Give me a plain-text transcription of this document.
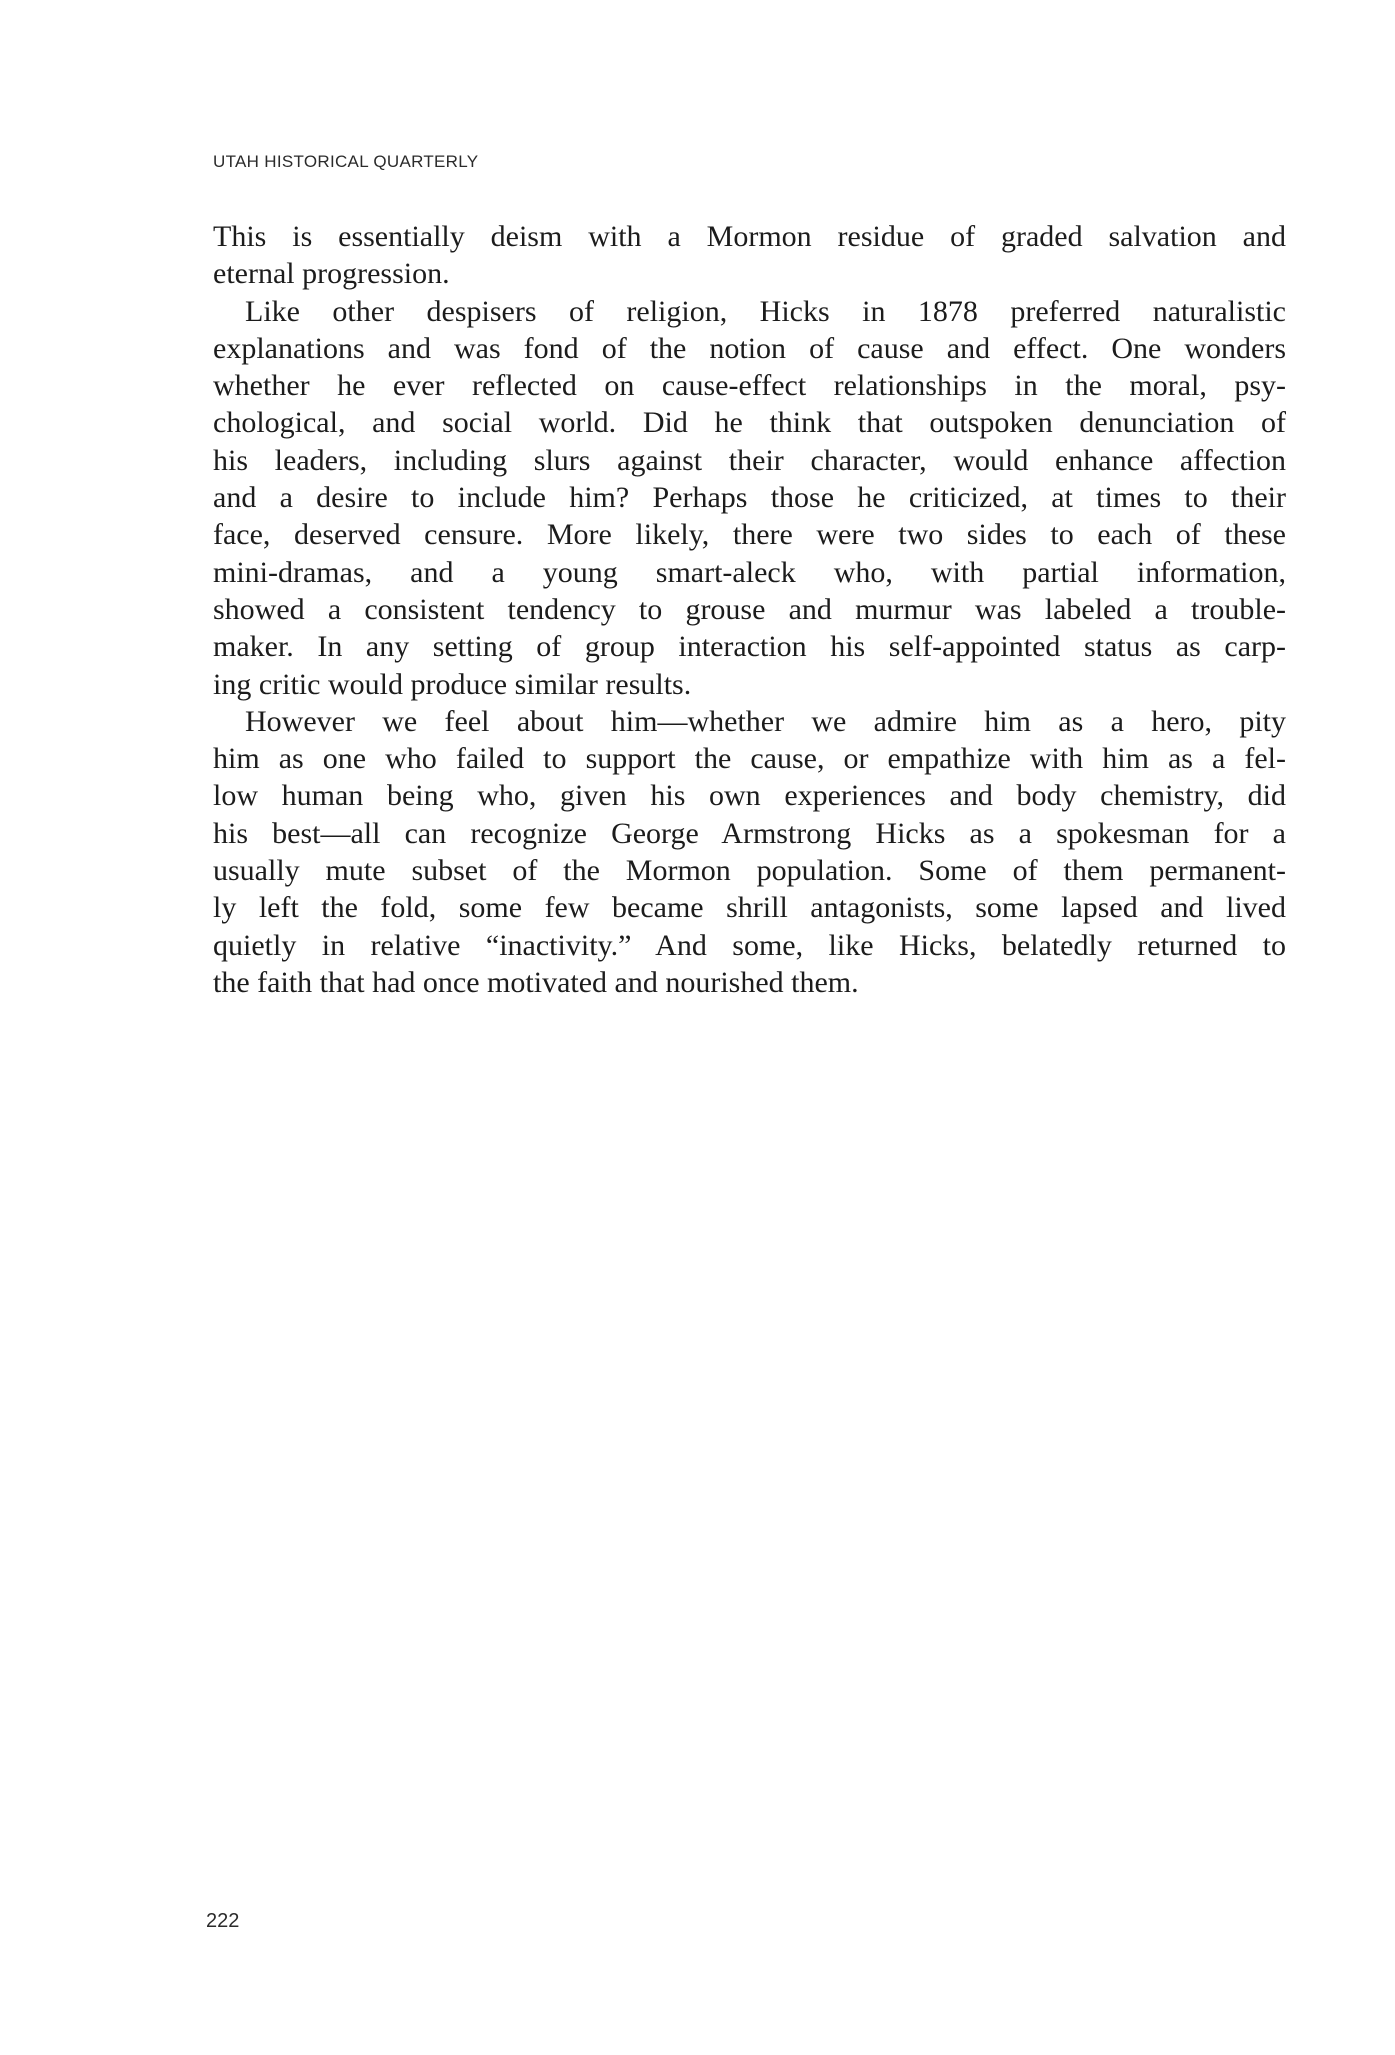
UTAH HISTORICAL QUARTERLY

This is essentially deism with a Mormon residue of graded salvation and
eternal progression.

Like other despisers of religion, Hicks in 1878 preferred naturalistic
explanations and was fond of the notion of cause and effect. One wonders
whether he ever reflected on cause-effect relationships in the moral, psy-
chological, and social world. Did he think that outspoken denunciation of
his leaders, including slurs against their character, would enhance affection
and a desire to include him? Perhaps those he criticized, at times to their
face, deserved censure. More likely, there were two sides to each of these
mini-dramas, and a young smart-aleck who, with partial information,
showed a consistent tendency to grouse and murmur was labeled a trouble-
maker. In any setting of group interaction his self-appointed status as carp-
ing critic would produce similar results.

However we feel about him—whether we admire him as a hero, pity
him as one who failed to support the cause, or empathize with him as a fel-
low human being who, given his own experiences and body chemistry, did
his best—all can recognize George Armstrong Hicks as a spokesman for a
usually mute subset of the Mormon population. Some of them permanent-
ly left the fold, some few became shrill antagonists, some lapsed and lived
quietly in relative “inactivity.” And some, like Hicks, belatedly returned to
the faith that had once motivated and nourished them.

222
